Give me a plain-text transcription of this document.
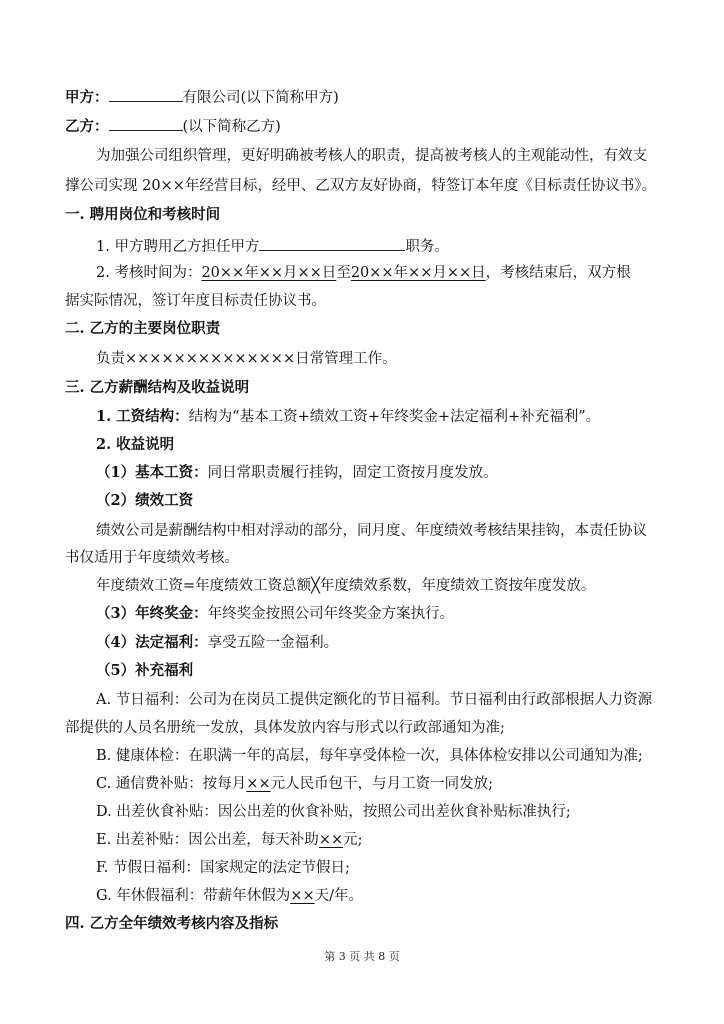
甲方：	有限公司(以下简称甲方)
乙方：	(以下简称乙方)
为加强公司组织管理，更好明确被考核人的职责，提高被考核人的主观能动性，有效支
撑公司实现 20××年经营目标，经甲、乙双方友好协商，特签订本年度《目标责任协议书》。
一. 聘用岗位和考核时间
1. 甲方聘用乙方担任甲方	职务。
2. 考核时间为：20××年××月××日至20××年××月××日，考核结束后，双方根
据实际情况，签订年度目标责任协议书。
二. 乙方的主要岗位职责
负责××××××××××××××日常管理工作。
三. 乙方薪酬结构及收益说明
1. 工资结构：结构为“基本工资+绩效工资+年终奖金+法定福利+补充福利”。
2. 收益说明
（1）基本工资：同日常职责履行挂钩，固定工资按月度发放。
（2）绩效工资
绩效公司是薪酬结构中相对浮动的部分，同月度、年度绩效考核结果挂钩，本责任协议
书仅适用于年度绩效考核。
年度绩效工资=年度绩效工资总额╳年度绩效系数，年度绩效工资按年度发放。
（3）年终奖金：年终奖金按照公司年终奖金方案执行。
（4）法定福利：享受五险一金福利。
（5）补充福利
A. 节日福利：公司为在岗员工提供定额化的节日福利。节日福利由行政部根据人力资源
部提供的人员名册统一发放，具体发放内容与形式以行政部通知为准;
B. 健康体检：在职满一年的高层，每年享受体检一次，具体体检安排以公司通知为准;
C. 通信费补贴：按每月××元人民币包干，与月工资一同发放;
D. 出差伙食补贴：因公出差的伙食补贴，按照公司出差伙食补贴标准执行;
E. 出差补贴：因公出差，每天补助××元;
F. 节假日福利：国家规定的法定节假日;
G. 年休假福利：带薪年休假为××天/年。
四. 乙方全年绩效考核内容及指标
第 3 页 共 8 页
